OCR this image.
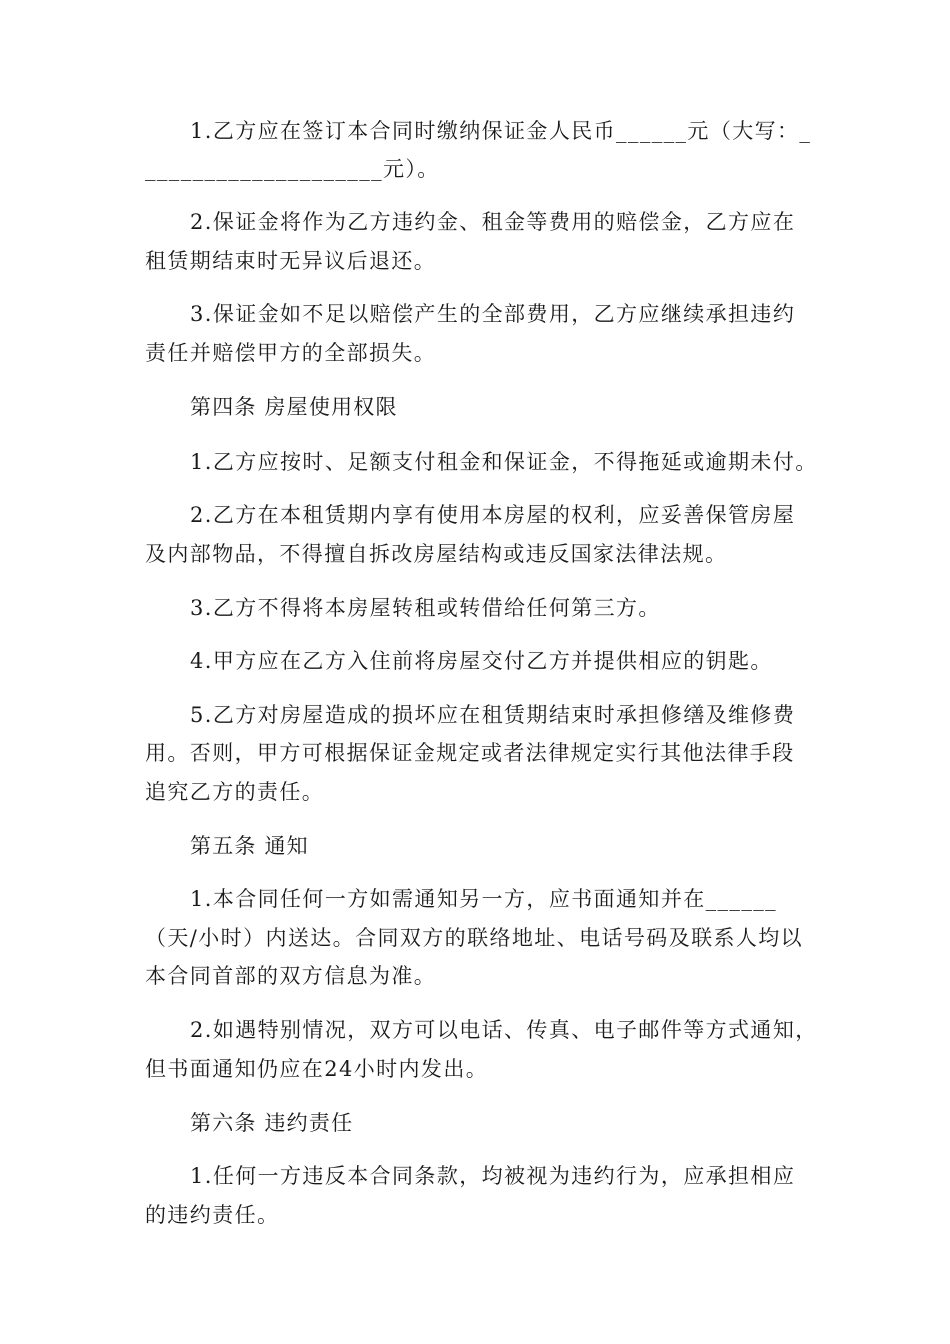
1.乙方应在签订本合同时缴纳保证金人民币______元（大写：_
____________________元）。
2.保证金将作为乙方违约金、租金等费用的赔偿金，乙方应在
租赁期结束时无异议后退还。
3.保证金如不足以赔偿产生的全部费用，乙方应继续承担违约
责任并赔偿甲方的全部损失。
第四条 房屋使用权限
1.乙方应按时、足额支付租金和保证金，不得拖延或逾期未付。
2.乙方在本租赁期内享有使用本房屋的权利，应妥善保管房屋
及内部物品，不得擅自拆改房屋结构或违反国家法律法规。
3.乙方不得将本房屋转租或转借给任何第三方。
4.甲方应在乙方入住前将房屋交付乙方并提供相应的钥匙。
5.乙方对房屋造成的损坏应在租赁期结束时承担修缮及维修费
用。否则，甲方可根据保证金规定或者法律规定实行其他法律手段
追究乙方的责任。
第五条 通知
1.本合同任何一方如需通知另一方，应书面通知并在______
（天/小时）内送达。合同双方的联络地址、电话号码及联系人均以
本合同首部的双方信息为准。
2.如遇特别情况，双方可以电话、传真、电子邮件等方式通知，
但书面通知仍应在24小时内发出。
第六条 违约责任
1.任何一方违反本合同条款，均被视为违约行为，应承担相应
的违约责任。
